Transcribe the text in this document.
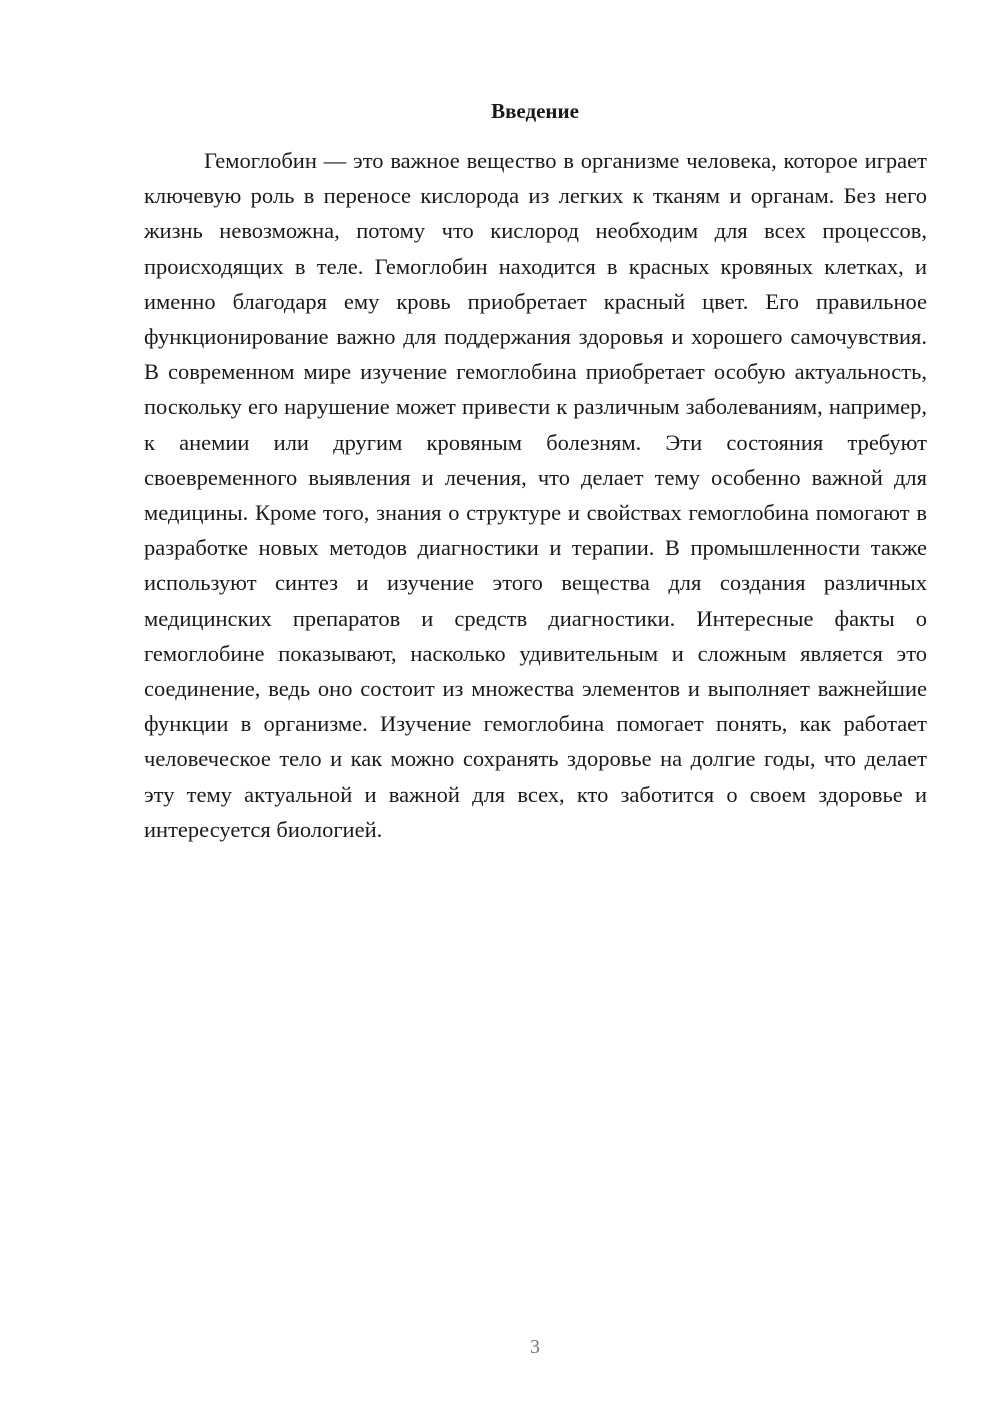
Введение

Гемоглобин — это важное вещество в организме человека, которое играет ключевую роль в переносе кислорода из легких к тканям и органам. Без него жизнь невозможна, потому что кислород необходим для всех процессов, происходящих в теле. Гемоглобин находится в красных кровяных клетках, и именно благодаря ему кровь приобретает красный цвет. Его правильное функционирование важно для поддержания здоровья и хорошего самочувствия. В современном мире изучение гемоглобина приобретает особую актуальность, поскольку его нарушение может привести к различным заболеваниям, например, к анемии или другим кровяным болезням. Эти состояния требуют своевременного выявления и лечения, что делает тему особенно важной для медицины. Кроме того, знания о структуре и свойствах гемоглобина помогают в разработке новых методов диагностики и терапии. В промышленности также используют синтез и изучение этого вещества для создания различных медицинских препаратов и средств диагностики. Интересные факты о гемоглобине показывают, насколько удивительным и сложным является это соединение, ведь оно состоит из множества элементов и выполняет важнейшие функции в организме. Изучение гемоглобина помогает понять, как работает человеческое тело и как можно сохранять здоровье на долгие годы, что делает эту тему актуальной и важной для всех, кто заботится о своем здоровье и интересуется биологией.

3
